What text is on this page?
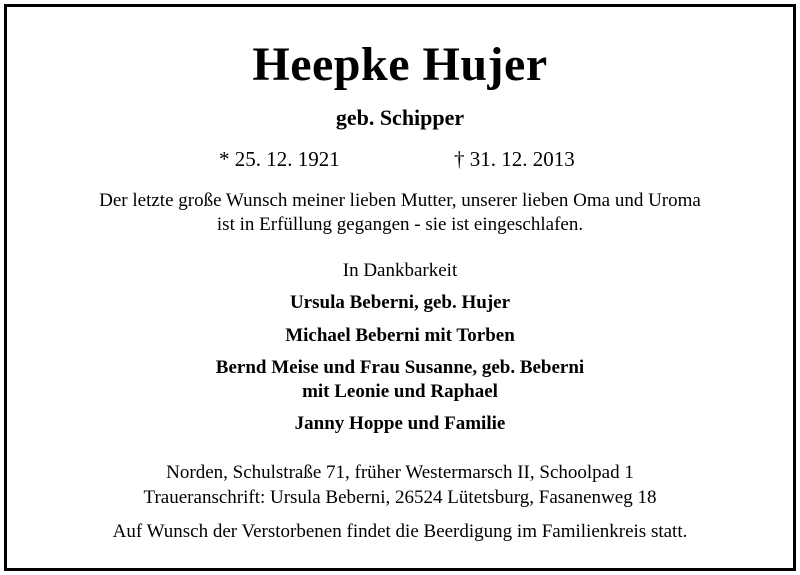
Heepke Hujer
geb. Schipper
* 25. 12. 1921	† 31. 12. 2013
Der letzte große Wunsch meiner lieben Mutter, unserer lieben Oma und Uroma
ist in Erfüllung gegangen - sie ist eingeschlafen.
In Dankbarkeit
Ursula Beberni, geb. Hujer
Michael Beberni mit Torben
Bernd Meise und Frau Susanne, geb. Beberni
mit Leonie und Raphael
Janny Hoppe und Familie
Norden, Schulstraße 71, früher Westermarsch II, Schoolpad 1
Traueranschrift: Ursula Beberni, 26524 Lütetsburg, Fasanenweg 18
Auf Wunsch der Verstorbenen findet die Beerdigung im Familienkreis statt.
